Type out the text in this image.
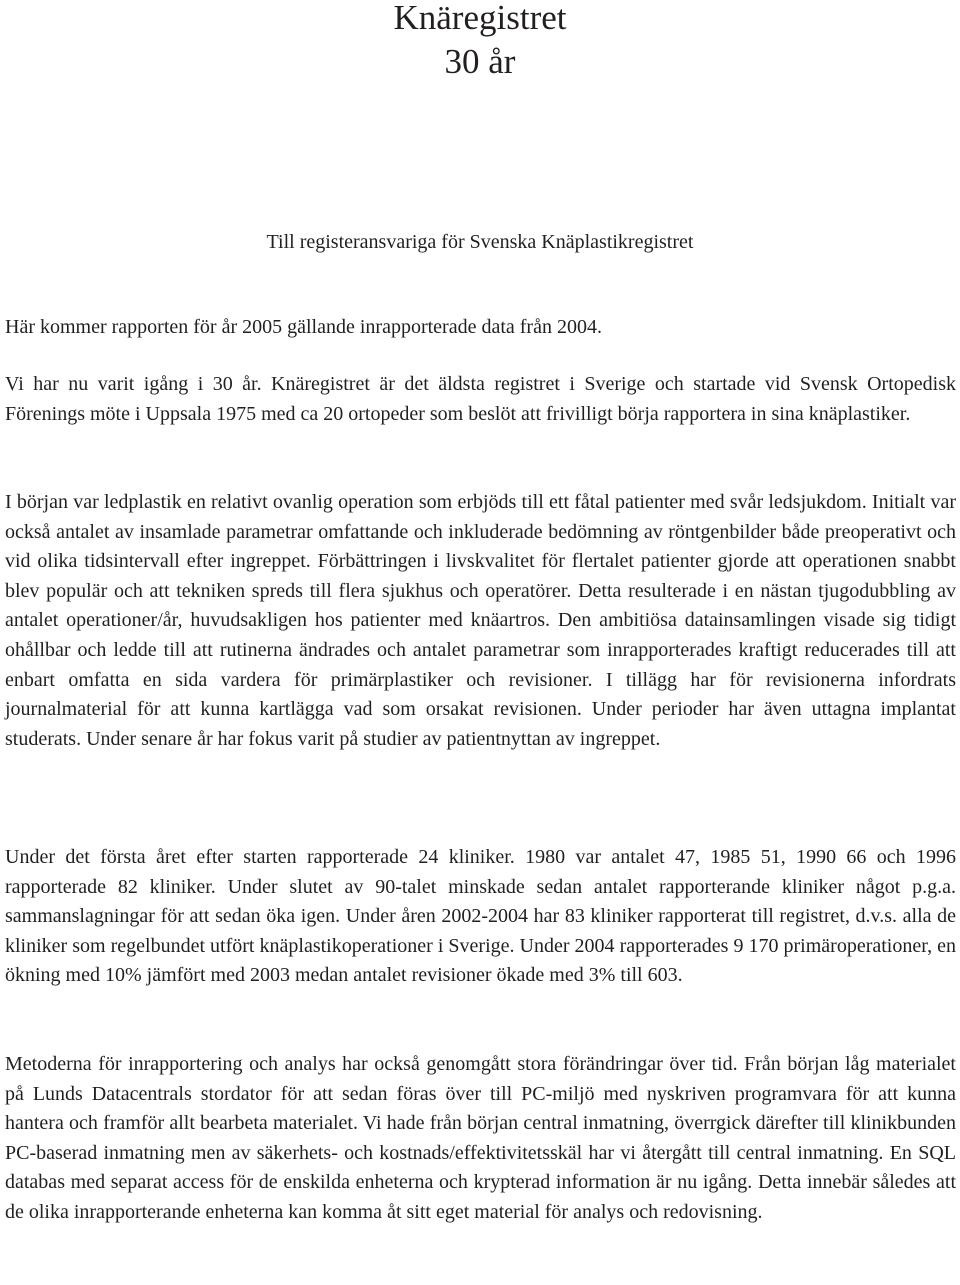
Knäregistret
30 år

Till registeransvariga för Svenska Knäplastikregistret

Här kommer rapporten för år 2005 gällande inrapporterade data från 2004.

Vi har nu varit igång i 30 år. Knäregistret är det äldsta registret i Sverige och startade vid Svensk Ortopedisk Förenings möte i Uppsala 1975 med ca 20 ortopeder som beslöt att frivilligt börja rapportera in sina knäplastiker.

I början var ledplastik en relativt ovanlig operation som erbjöds till ett fåtal patienter med svår ledsjukdom. Initialt var också antalet av insamlade parametrar omfattande och inkluderade bedömning av röntgenbilder både preoperativt och vid olika tidsintervall efter ingreppet. Förbättringen i livskvalitet för flertalet patienter gjorde att operationen snabbt blev populär och att tekniken spreds till flera sjukhus och operatörer. Detta resulterade i en nästan tjugodubbling av antalet operationer/år, huvudsakligen hos patienter med knäartros. Den ambitiösa datainsamlingen visade sig tidigt ohållbar och ledde till att rutinerna ändrades och antalet parametrar som inrapporterades kraftigt reducerades till att enbart omfatta en sida vardera för primärplastiker och revisioner. I tillägg har för revisionerna infordrats journalmaterial för att kunna kartlägga vad som orsakat revisionen. Under perioder har även uttagna implantat studerats. Under senare år har fokus varit på studier av patientnyttan av ingreppet.

Under det första året efter starten rapporterade 24 kliniker. 1980 var antalet 47, 1985 51, 1990 66 och 1996 rapporterade 82 kliniker. Under slutet av 90-talet minskade sedan antalet rapporterande kliniker något p.g.a. sammanslagningar för att sedan öka igen. Under åren 2002-2004 har 83 kliniker rapporterat till registret, d.v.s. alla de kliniker som regelbundet utfört knäplastikoperationer i Sverige. Under 2004 rapporterades 9 170 primäroperationer, en ökning med 10% jämfört med 2003 medan antalet revisioner ökade med 3% till 603.

Metoderna för inrapportering och analys har också genomgått stora förändringar över tid. Från början låg materialet på Lunds Datacentrals stordator för att sedan föras över till PC-miljö med nyskriven programvara för att kunna hantera och framför allt bearbeta materialet. Vi hade från början central inmatning, överrgick därefter till klinikbunden PC-baserad inmatning men av säkerhets- och kostnads/effektivitetsskäl har vi återgått till central inmatning. En SQL databas med separat access för de enskilda enheterna och krypterad information är nu igång. Detta innebär således att de olika inrapporterande enheterna kan komma åt sitt eget material för analys och redovisning.
